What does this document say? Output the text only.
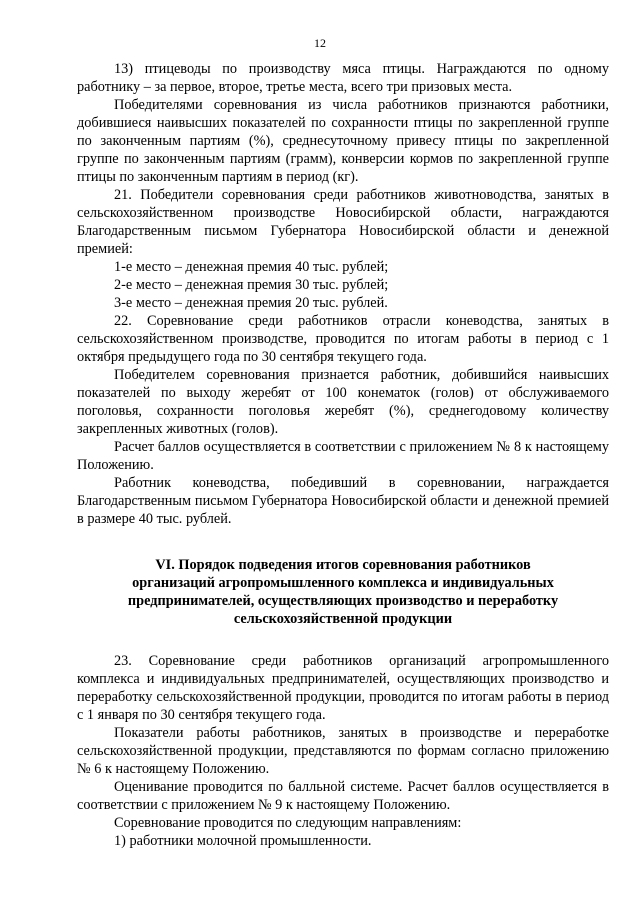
12

13) птицеводы по производству мяса птицы. Награждаются по одному работнику – за первое, второе, третье места, всего три призовых места.

Победителями соревнования из числа работников признаются работники, добившиеся наивысших показателей по сохранности птицы по закрепленной группе по законченным партиям (%), среднесуточному привесу птицы по закрепленной группе по законченным партиям (грамм), конверсии кормов по закрепленной группе птицы по законченным партиям в период (кг).

21. Победители соревнования среди работников животноводства, занятых в сельскохозяйственном производстве Новосибирской области, награждаются Благодарственным письмом Губернатора Новосибирской области и денежной премией:

1-е место – денежная премия 40 тыс. рублей;

2-е место – денежная премия 30 тыс. рублей;

3-е место – денежная премия 20 тыс. рублей.

22. Соревнование среди работников отрасли коневодства, занятых в сельскохозяйственном производстве, проводится по итогам работы в период с 1 октября предыдущего года по 30 сентября текущего года.

Победителем соревнования признается работник, добившийся наивысших показателей по выходу жеребят от 100 конематок (голов) от обслуживаемого поголовья, сохранности поголовья жеребят (%), среднегодовому количеству закрепленных животных (голов).

Расчет баллов осуществляется в соответствии с приложением № 8 к настоящему Положению.

Работник коневодства, победивший в соревновании, награждается Благодарственным письмом Губернатора Новосибирской области и денежной премией в размере 40 тыс. рублей.

VI. Порядок подведения итогов соревнования работников
организаций агропромышленного комплекса и индивидуальных
предпринимателей, осуществляющих производство и переработку
сельскохозяйственной продукции

23. Соревнование среди работников организаций агропромышленного комплекса и индивидуальных предпринимателей, осуществляющих производство и переработку сельскохозяйственной продукции, проводится по итогам работы в период с 1 января по 30 сентября текущего года.

Показатели работы работников, занятых в производстве и переработке сельскохозяйственной продукции, представляются по формам согласно приложению № 6 к настоящему Положению.

Оценивание проводится по балльной системе. Расчет баллов осуществляется в соответствии с приложением № 9 к настоящему Положению.

Соревнование проводится по следующим направлениям:

1) работники молочной промышленности.
